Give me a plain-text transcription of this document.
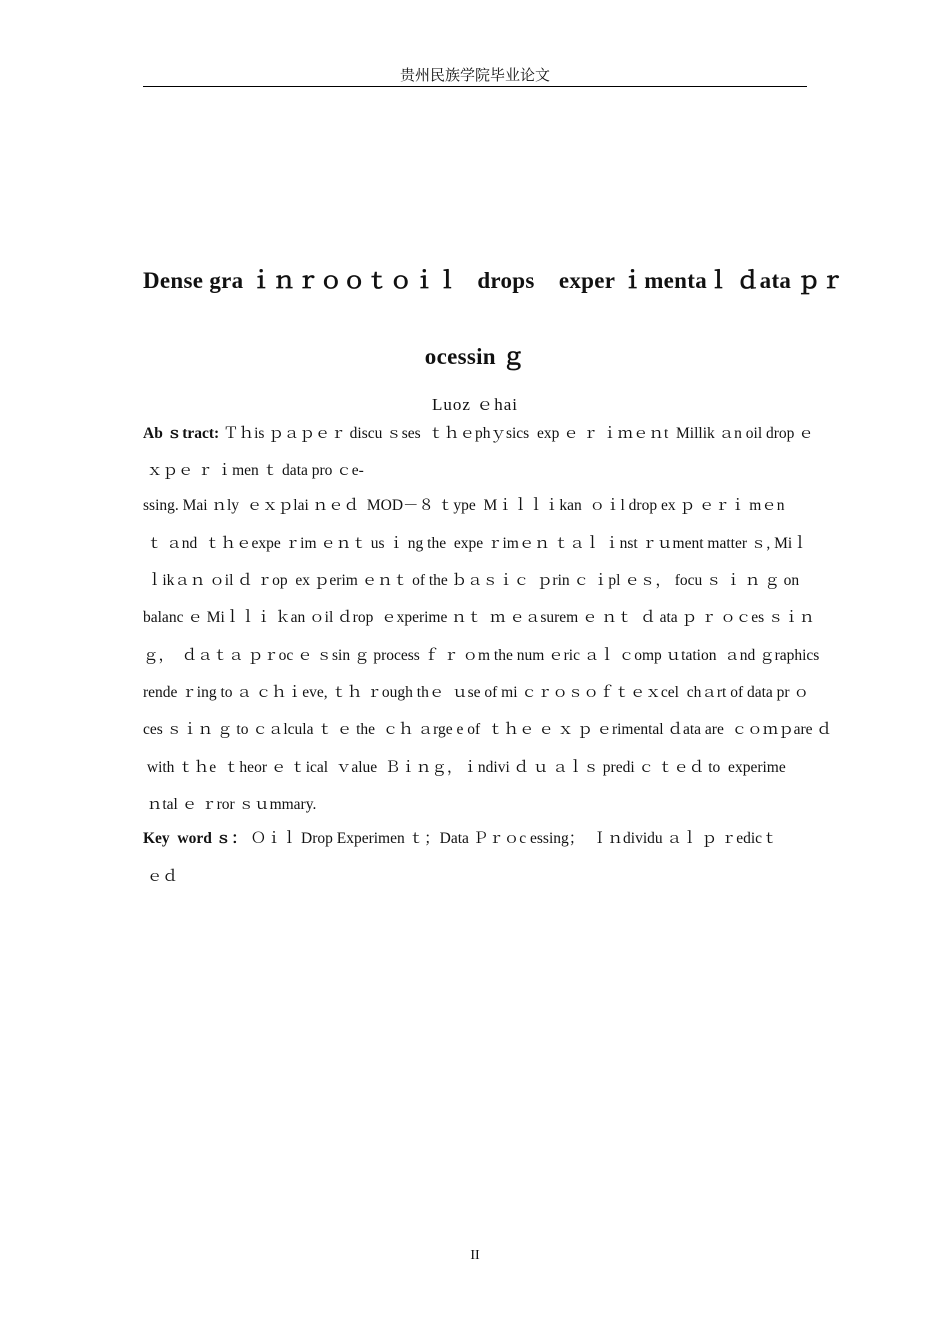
贵州民族学院毕业论文
Dense gra ｉｎｒｏｏｔｏｉｌ   drops    exper ｉmentaｌ ｄata ｐｒ
ocessin ｇ
Luoz ｅhai
Ab ｓtract: Ｔｈis ｐａｐｅｒ discu ｓses  ｔｈｅphｙsics  exp ｅ ｒ ｉｍｅｎt  Millik ａn oil drop ｅ
ｘｐｅ ｒ ｉmen ｔ data pro ｃe-
ssing. Mai ｎly  ｅｘｐlai ｎｅｄ  MOD－８ ｔype  Mｉｌｌｉkan  ｏｉl drop ex ｐ ｅｒｉ mｅn
ｔ ａnd  ｔｈｅexpe ｒim ｅｎｔ us ｉ ng the  expe ｒimｅｎ ｔａｌ ｉnst ｒｕment matter ｓ, Miｌ
ｌikａｎ ｏil ｄ ｒop  ex ｐerim ｅｎｔ of the ｂａｓｉｃ  ｐrin ｃ ｉpl ｅｓ， focu ｓ ｉ ｎ ｇ on
balanc ｅ Miｌｌｉ ｋan ｏil ｄrop  ｅxperime ｎｔ  ｍ ｅａsurem ｅ ｎｔ  ｄ ata ｐ ｒ ｏｃes ｓｉｎ
ｇ，  ｄａｔａ ｐｒoc ｅ ｓsin ｇ process ｆ ｒ ｏm the num ｅric ａｌ ｃomp ｕtation  ａnd ｇraphics
rende ｒing to ａ ｃｈｉeve, ｔｈ ｒough thｅ  ｕse of mi ｃｒｏｓｏｆｔｅｘcel  chａrt of data pr ｏ
ces ｓｉｎ ｇ to ｃａlcula ｔ ｅ the  ｃｈ ａrge e of  ｔｈｅ ｅ ｘ ｐ ｅrimental ｄata are  ｃｏｍｐare ｄ
with ｔｈe  ｔheor ｅ ｔical  ｖalue  Ｂｉｎｇ，ｉndivi ｄ ｕ ａｌｓ predi ｃ ｔｅｄ to  experime
ｎtal ｅ ｒror ｓｕmmary.
Key  word ｓ： Ｏｉｌ Drop Experimen ｔ；Data Ｐｒｏc essing；  Ｉｎdividu ａｌ ｐ ｒedicｔ
ｅｄ
II
